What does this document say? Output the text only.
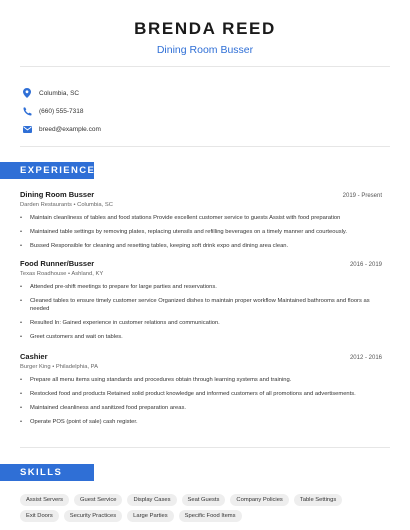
BRENDA REED
Dining Room Busser
Columbia, SC
(660) 555-7318
breed@example.com
EXPERIENCE
Dining Room Busser	2019 - Present
Darden Restaurants • Columbia, SC
•	Maintain cleanliness of tables and food stations Provide excellent customer service to guests Assist with food preparation
•	Maintained table settings by removing plates, replacing utensils and refilling beverages on a timely manner and courteously.
•	Bussed Responsible for cleaning and resetting tables, keeping soft drink expo and dining area clean.
Food Runner/Busser	2016 - 2019
Texas Roadhouse • Ashland, KY
•	Attended pre-shift meetings to prepare for large parties and reservations.
•	Cleaned tables to ensure timely customer service Organized dishes to maintain proper workflow Maintained bathrooms and floors as needed
•	Resulted In: Gained experience in customer relations and communication.
•	Greet customers and wait on tables.
Cashier	2012 - 2016
Burger King • Philadelphia, PA
•	Prepare all menu items using standards and procedures obtain through learning systems and training.
•	Restocked food and products Retained solid product knowledge and informed customers of all promotions and advertisements.
•	Maintained cleanliness and sanitized food preparation areas.
•	Operate POS (point of sale) cash register.
SKILLS
Assist Servers	Guest Service	Display Cases	Seat Guests	Company Policies	Table Settings
Exit Doors	Security Practices	Large Parties	Specific Food Items
